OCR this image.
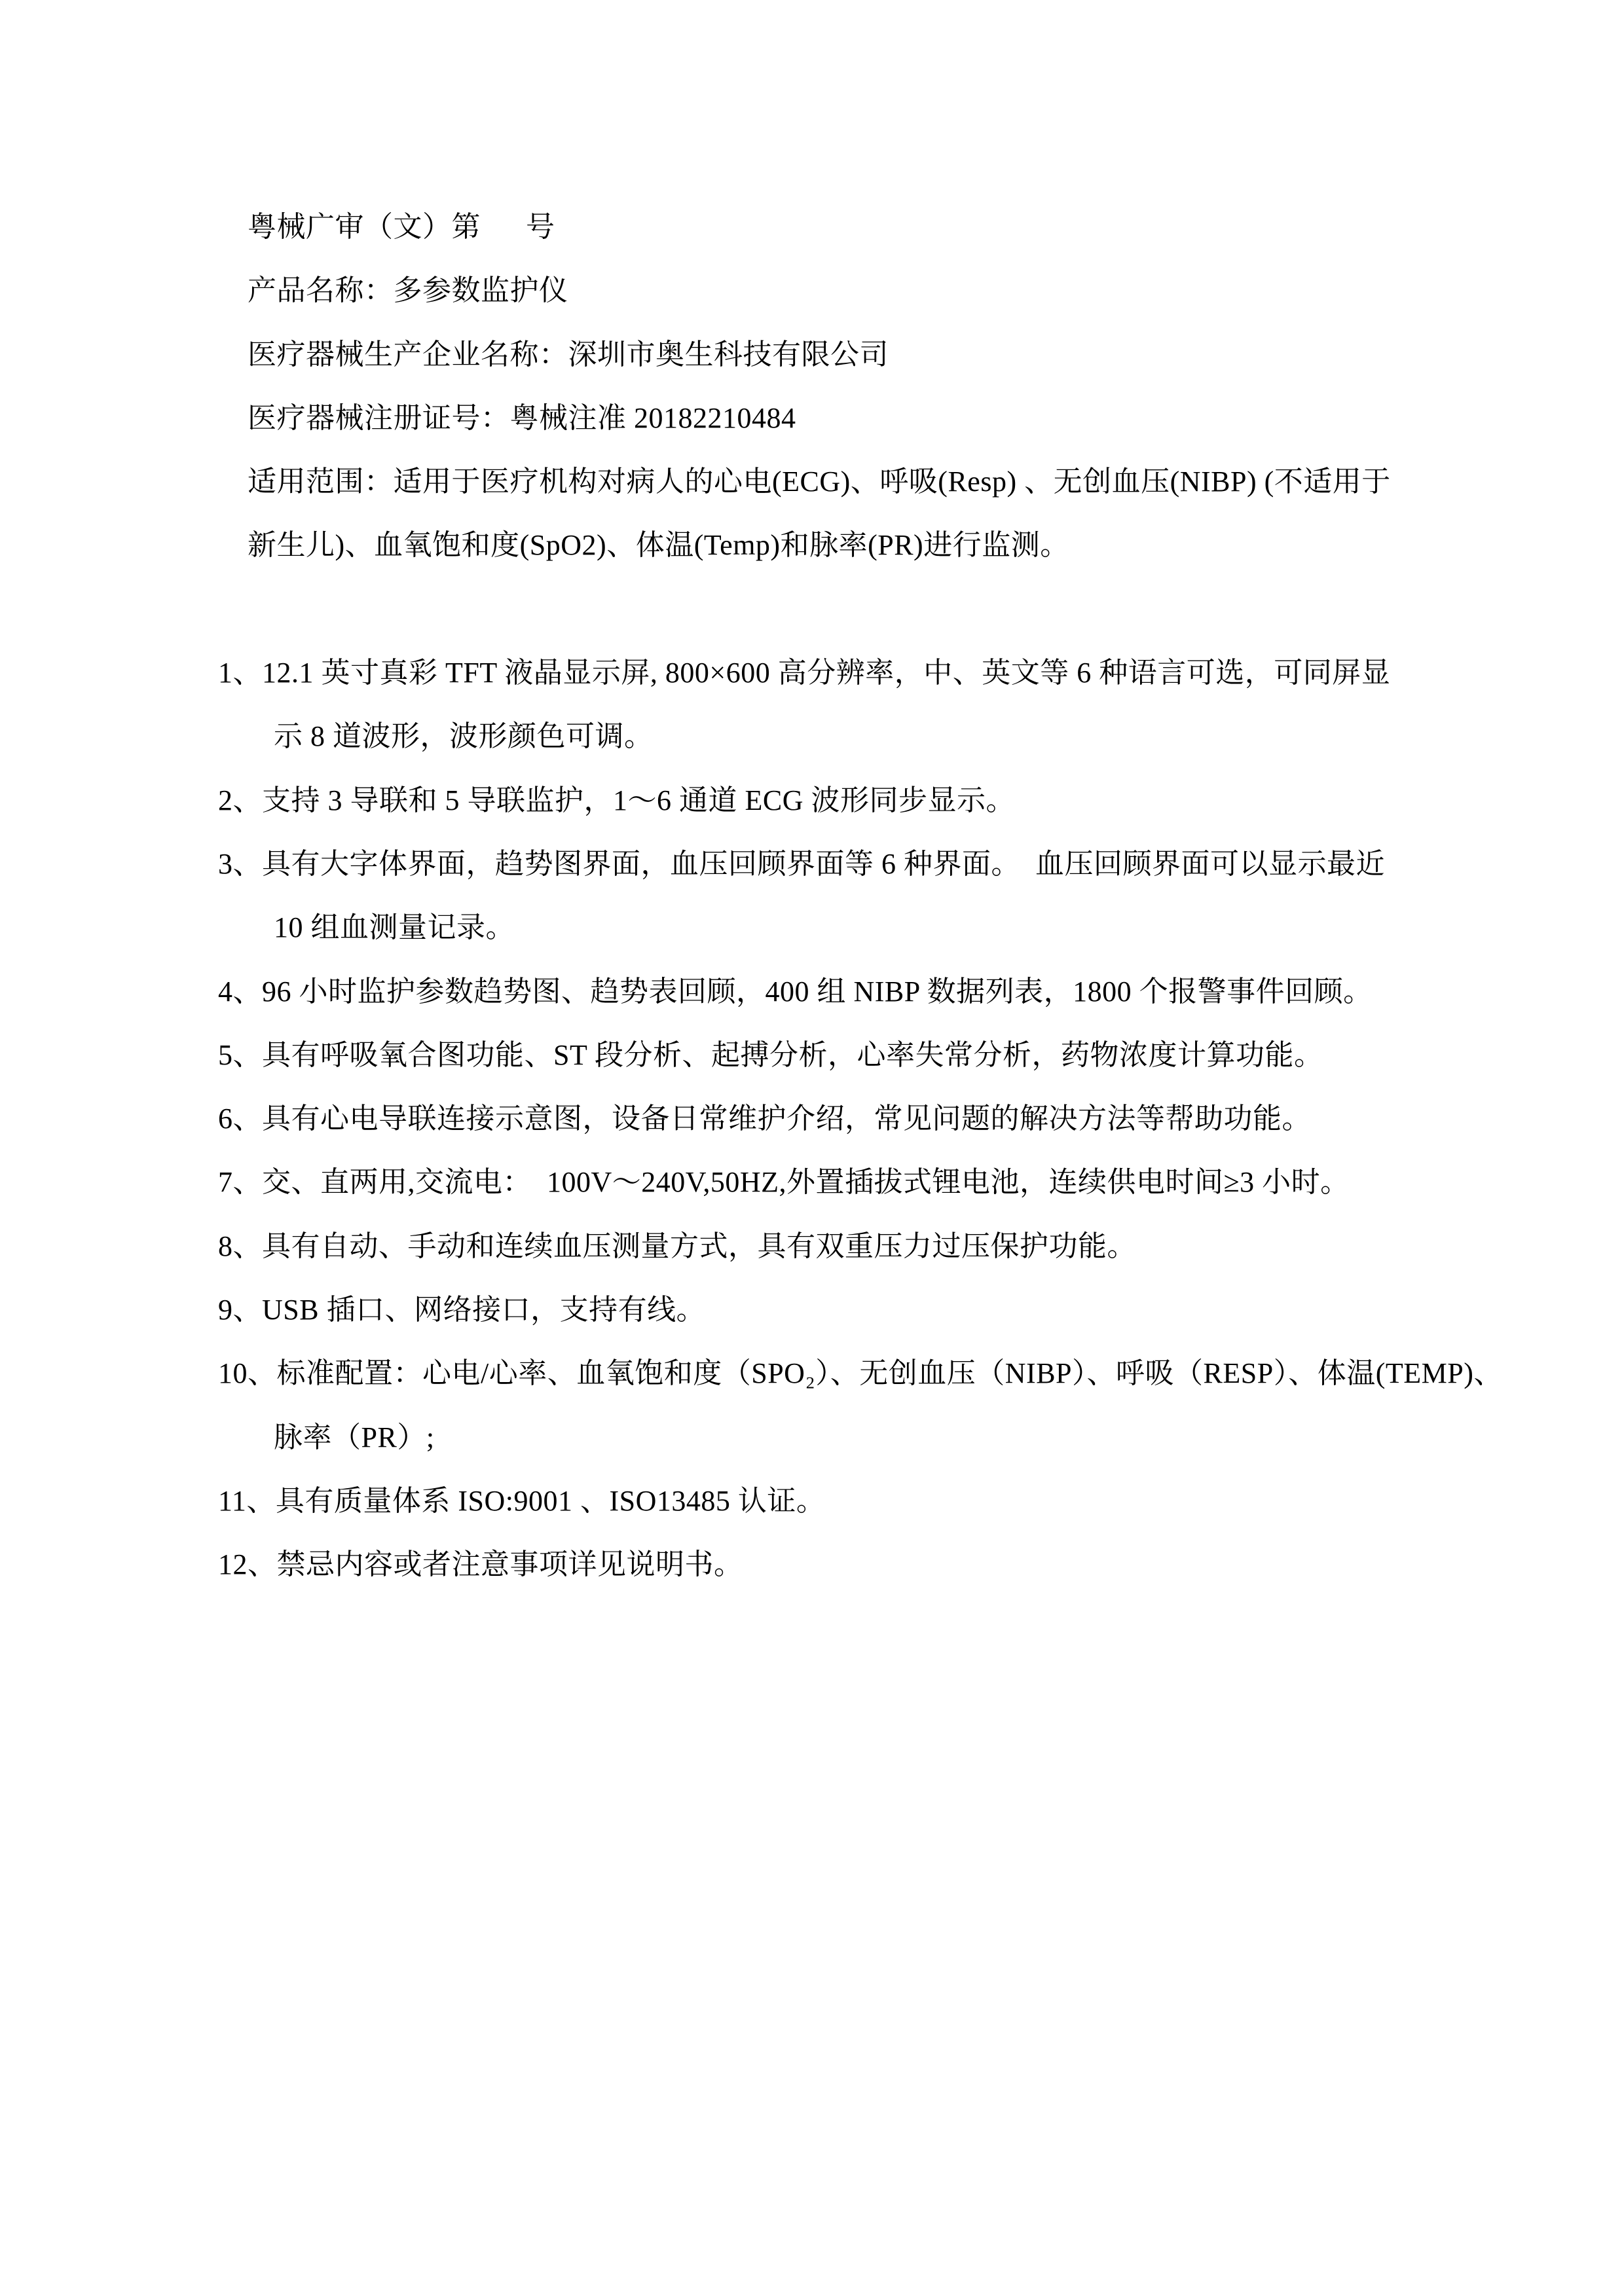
粤械广审（文）第      号
产品名称：多参数监护仪
医疗器械生产企业名称：深圳市奥生科技有限公司
医疗器械注册证号：粤械注准 20182210484
适用范围：适用于医疗机构对病人的心电(ECG)、呼吸(Resp) 、无创血压(NIBP) (不适用于
新生儿)、血氧饱和度(SpO2)、体温(Temp)和脉率(PR)进行监测。
1、12.1 英寸真彩 TFT 液晶显示屏, 800×600 高分辨率，中、英文等 6 种语言可选，可同屏显
示 8 道波形，波形颜色可调。
2、支持 3 导联和 5 导联监护，1～6 通道 ECG 波形同步显示。
3、具有大字体界面，趋势图界面，血压回顾界面等 6 种界面。  血压回顾界面可以显示最近
10 组血测量记录。
4、96 小时监护参数趋势图、趋势表回顾，400 组 NIBP 数据列表，1800 个报警事件回顾。
5、具有呼吸氧合图功能、ST 段分析、起搏分析，心率失常分析，药物浓度计算功能。
6、具有心电导联连接示意图，设备日常维护介绍，常见问题的解决方法等帮助功能。
7、交、直两用,交流电：  100V～240V,50HZ,外置插拔式锂电池，连续供电时间≥3 小时。
8、具有自动、手动和连续血压测量方式，具有双重压力过压保护功能。
9、USB 插口、网络接口，支持有线。
10、标准配置：心电/心率、血氧饱和度（SPO₂）、无创血压（NIBP）、呼吸（RESP）、体温(TEMP)、
脉率（PR）;
11、具有质量体系 ISO:9001 、ISO13485 认证。
12、禁忌内容或者注意事项详见说明书。
